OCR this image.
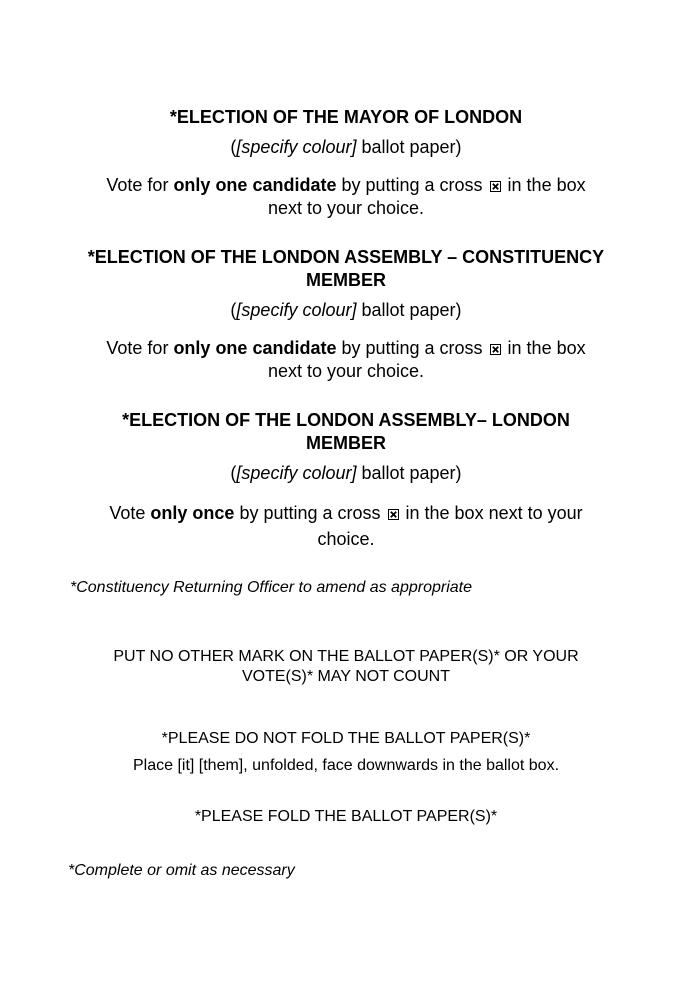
*ELECTION OF THE MAYOR OF LONDON
([specify colour] ballot paper)
Vote for only one candidate by putting a cross
in the box
next to your choice.
*ELECTION OF THE LONDON ASSEMBLY – CONSTITUENCY
MEMBER
([specify colour] ballot paper)
Vote for only one candidate by putting a cross
in the box
next to your choice.
*ELECTION OF THE LONDON ASSEMBLY– LONDON
MEMBER
([specify colour] ballot paper)
Vote only once by putting a cross
in the box next to your
choice.
*Constituency Returning Officer to amend as appropriate
PUT NO OTHER MARK ON THE BALLOT PAPER(S)* OR YOUR
VOTE(S)* MAY NOT COUNT
*PLEASE DO NOT FOLD THE BALLOT PAPER(S)*
Place [it] [them], unfolded, face downwards in the ballot box.
*PLEASE FOLD THE BALLOT PAPER(S)*
*Complete or omit as necessary
